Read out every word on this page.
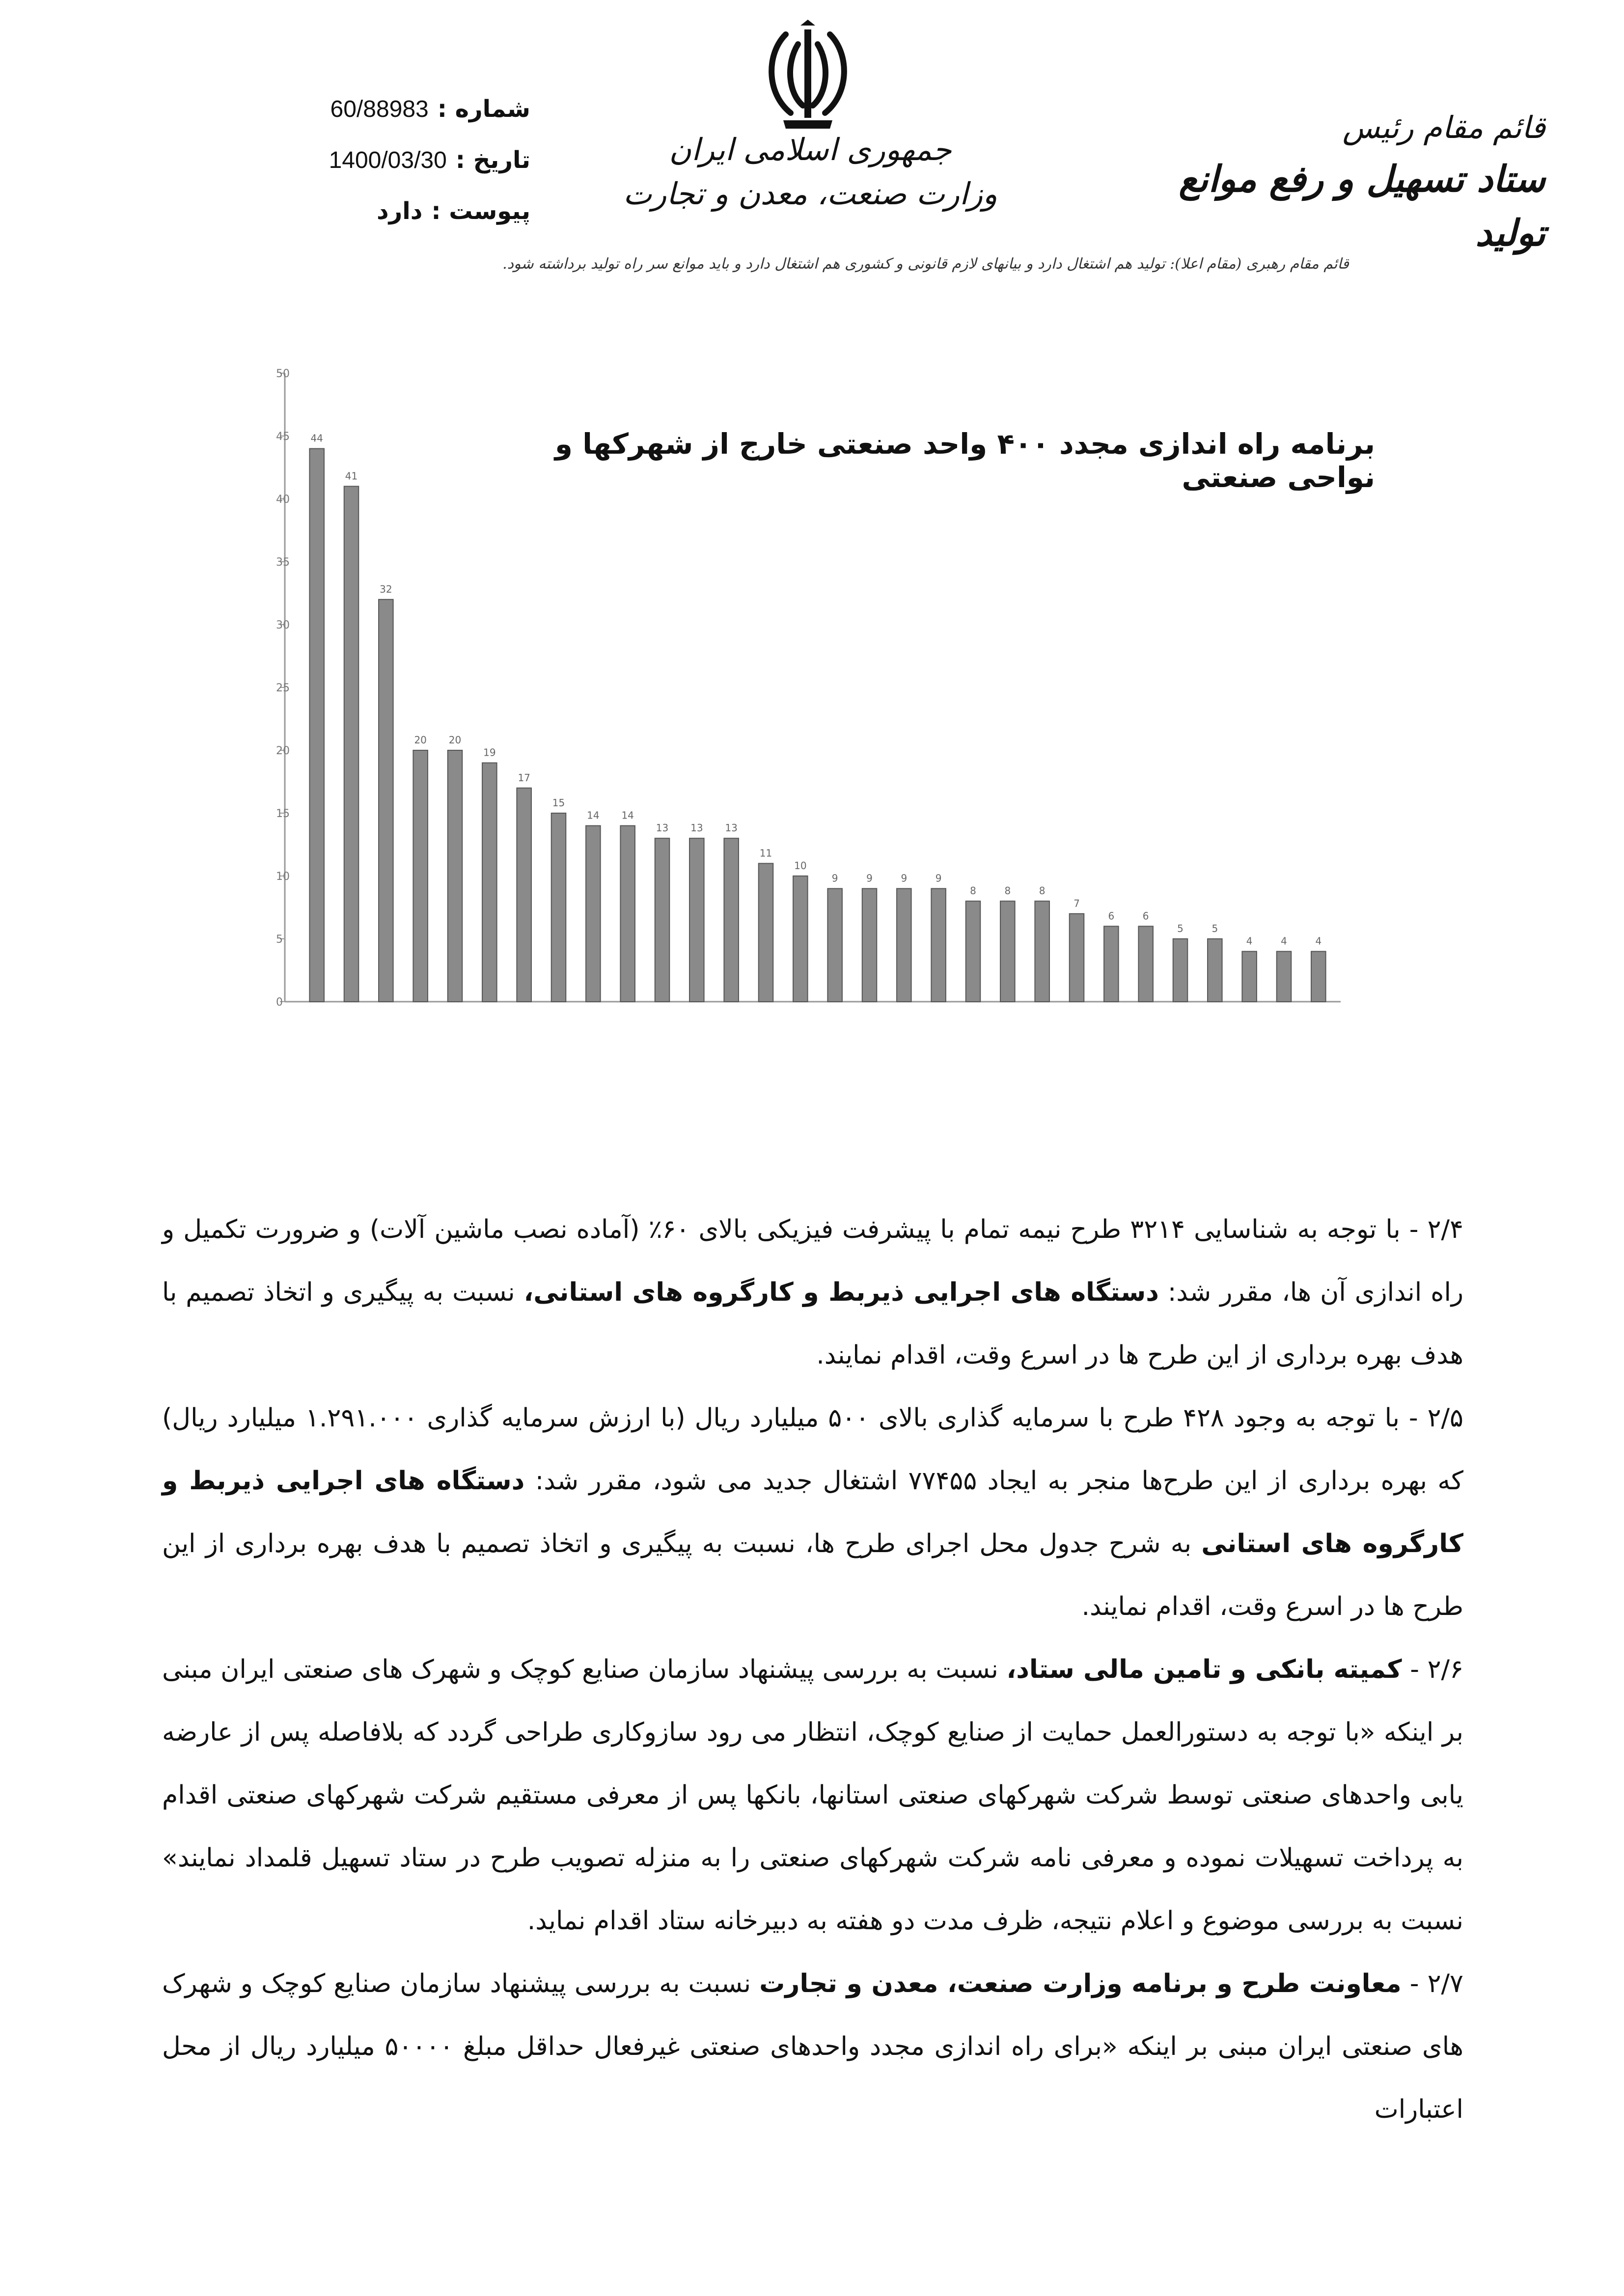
شماره :
60/88983
تاریخ :
1400/03/30
پیوست :
دارد
جمهوری اسلامی ایران
وزارت صنعت، معدن و تجارت
قائم مقام رئیس
ستاد تسهیل و رفع موانع تولید
قائم مقام رهبری (مقام اعلا): تولید هم اشتغال دارد و بیانهای لازم قانونی و کشوری هم اشتغال دارد و باید موانع سر راه تولید برداشته شود.
0
5
10
15
20
25
30
35
40
45
50
44
41
32
20 20
19
17
15
14 14
13 13 13
11
10
9	9	9	9
8	8	8
7
6	6
5	5
4	4	4
برنامه راه اندازی مجدد ۴۰۰ واحد صنعتی خارج از شهرکها و نواحی صنعتی

۲/۴ - با توجه به شناسایی ۳۲۱۴ طرح نیمه تمام با پیشرفت فیزیکی بالای ۶۰٪ (آماده نصب ماشین آلات) و ضرورت تکمیل و راه اندازی آن ها، مقرر شد: دستگاه های اجرایی ذیربط و کارگروه های استانی، نسبت به پیگیری و اتخاذ تصمیم با هدف بهره برداری از این طرح ها در اسرع وقت، اقدام نمایند.

۲/۵ - با توجه به وجود ۴۲۸ طرح با سرمایه گذاری بالای ۵۰۰ میلیارد ریال (با ارزش سرمایه گذاری ۱.۲۹۱.۰۰۰ میلیارد ریال) که بهره برداری از این طرح‌ها منجر به ایجاد ۷۷۴۵۵ اشتغال جدید می شود، مقرر شد: دستگاه های اجرایی ذیربط و کارگروه های استانی به شرح جدول محل اجرای طرح ها، نسبت به پیگیری و اتخاذ تصمیم با هدف بهره برداری از این طرح ها در اسرع وقت، اقدام نمایند.

۲/۶ - کمیته بانکی و تامین مالی ستاد، نسبت به بررسی پیشنهاد سازمان صنایع کوچک و شهرک های صنعتی ایران مبنی بر اینکه «با توجه به دستورالعمل حمایت از صنایع کوچک، انتظار می رود سازوکاری طراحی گردد که بلافاصله پس از عارضه یابی واحدهای صنعتی توسط شرکت شهرکهای صنعتی استانها، بانکها پس از معرفی مستقیم شرکت شهرکهای صنعتی اقدام به پرداخت تسهیلات نموده و معرفی نامه شرکت شهرکهای صنعتی را به منزله تصویب طرح در ستاد تسهیل قلمداد نمایند» نسبت به بررسی موضوع و اعلام نتیجه، ظرف مدت دو هفته به دبیرخانه ستاد اقدام نماید.

۲/۷ - معاونت طرح و برنامه وزارت صنعت، معدن و تجارت نسبت به بررسی پیشنهاد سازمان صنایع کوچک و شهرک های صنعتی ایران مبنی بر اینکه «برای راه اندازی مجدد واحدهای صنعتی غیرفعال حداقل مبلغ ۵۰۰۰۰ میلیارد ریال از محل اعتبارات
